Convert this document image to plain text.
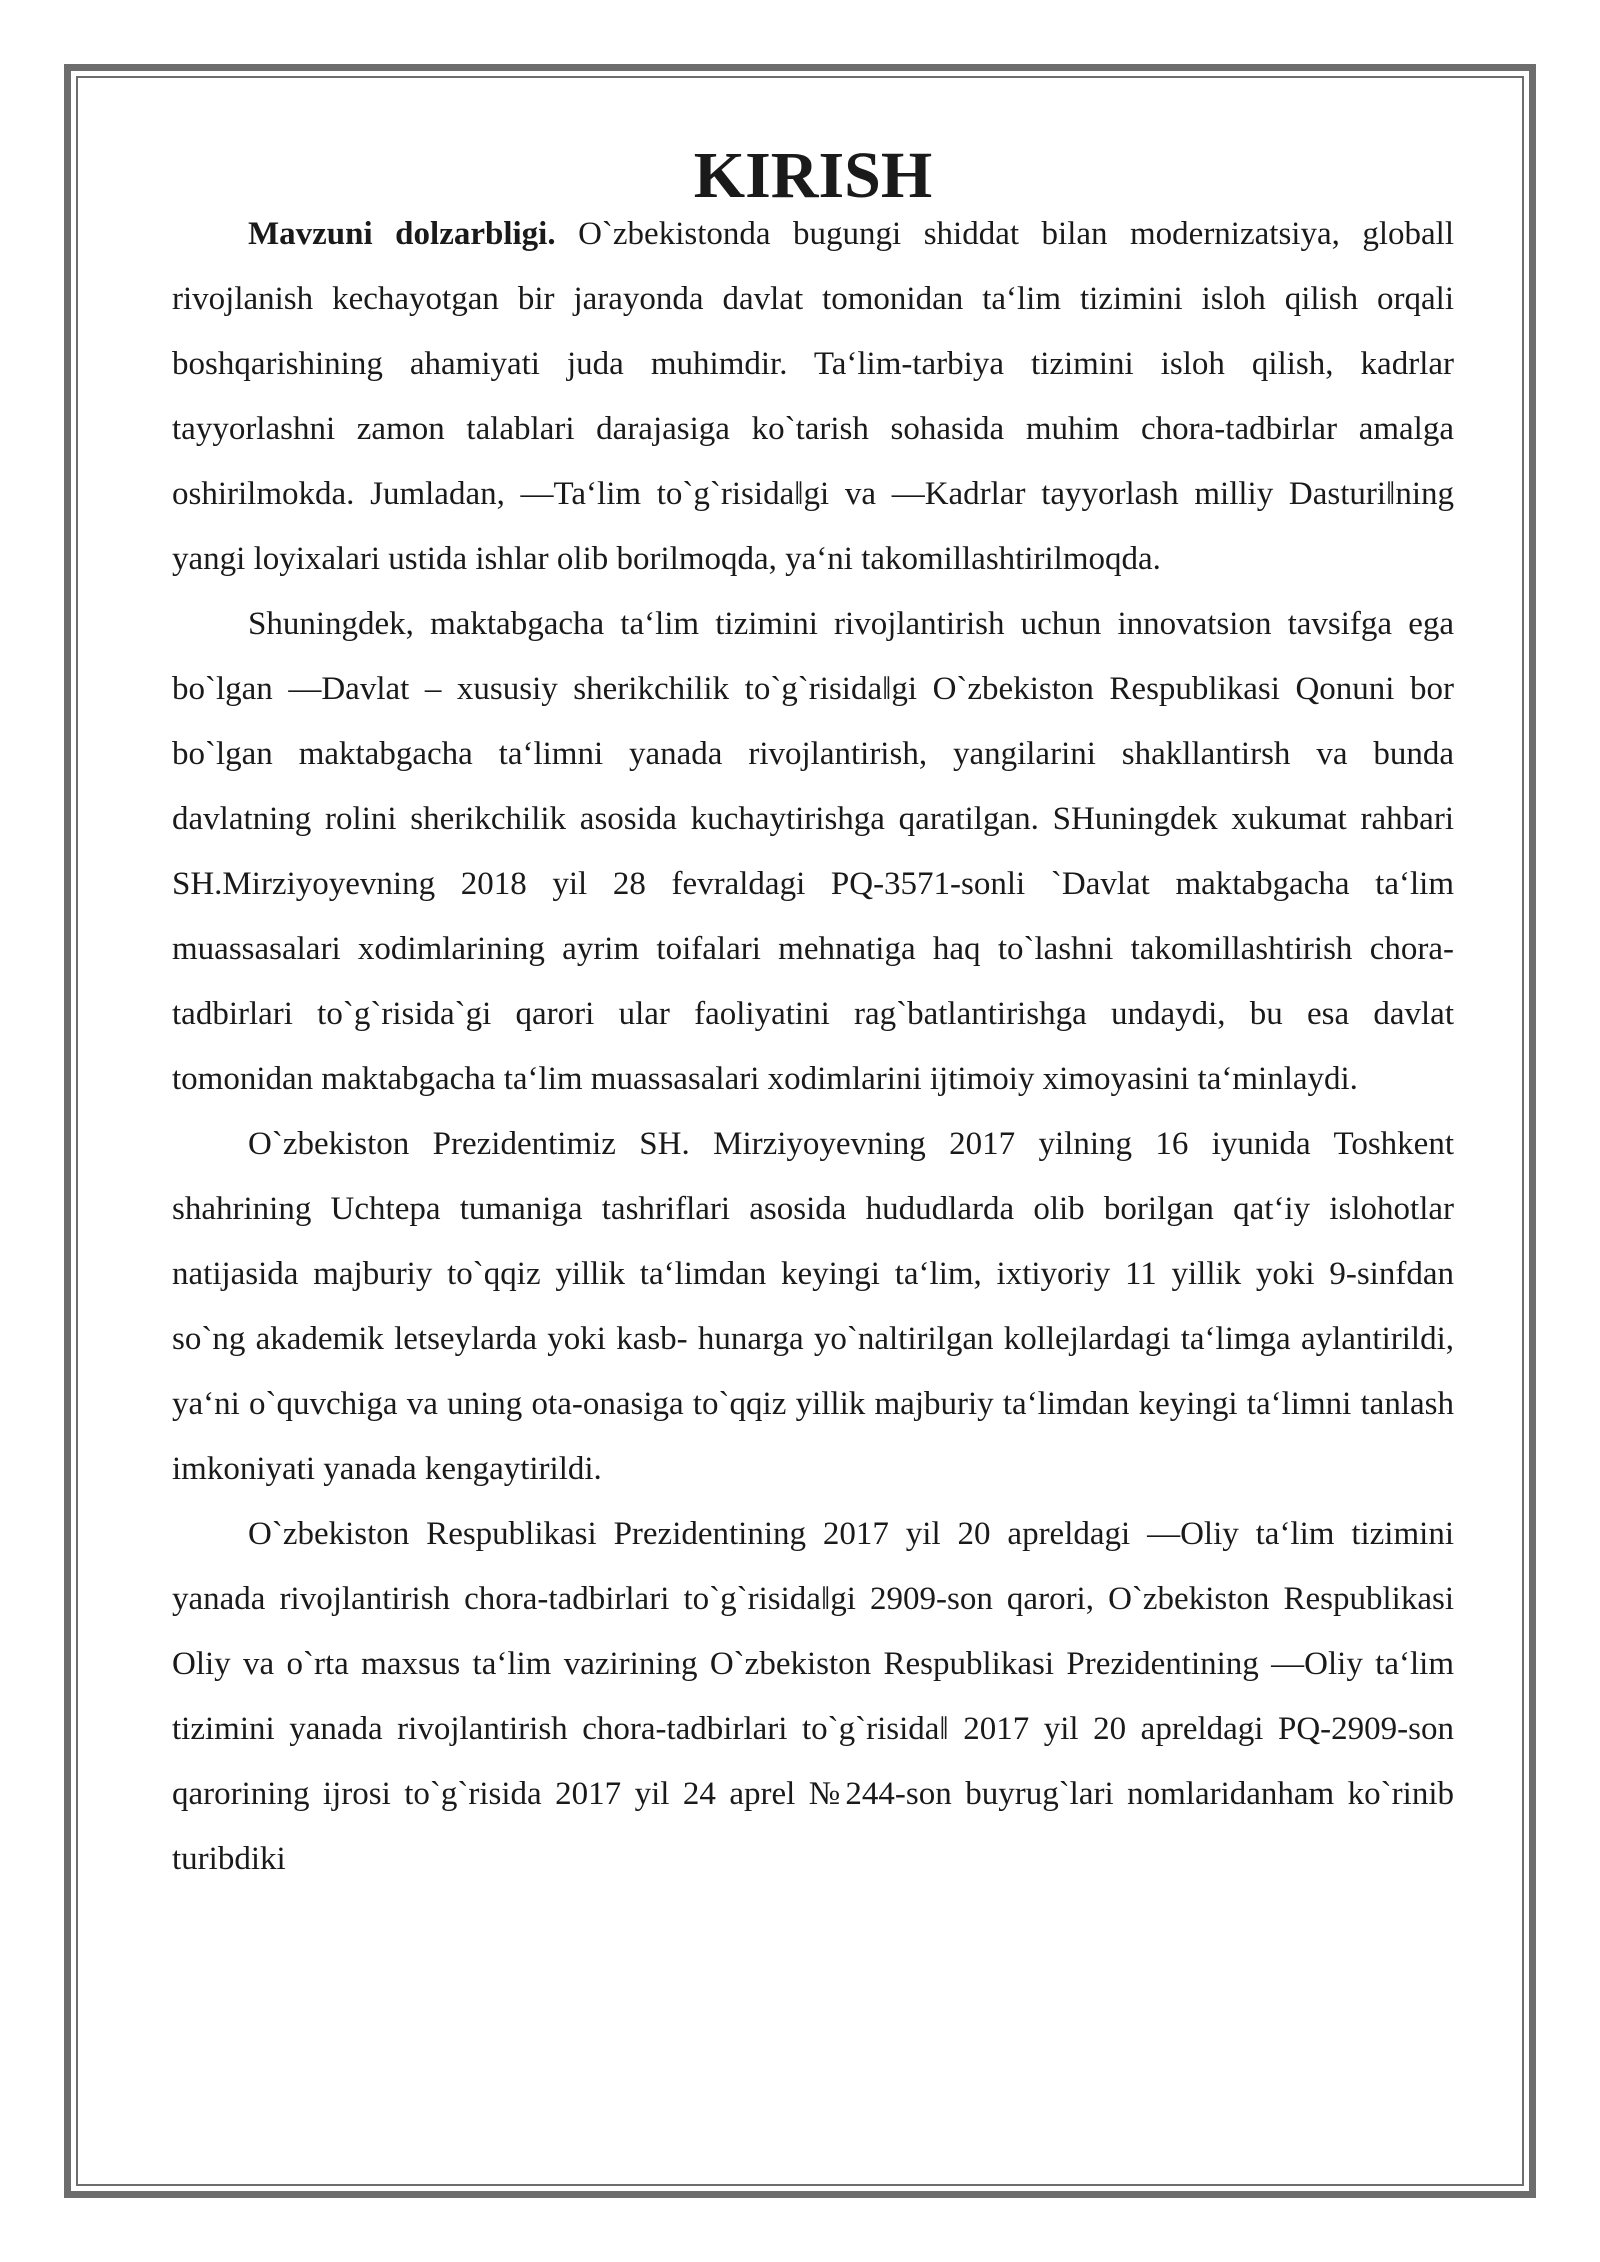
KIRISH

Mavzuni dolzarbligi. O`zbekistonda bugungi shiddat bilan modernizatsiya, globall rivojlanish kechayotgan bir jarayonda davlat tomonidan ta‘lim tizimini isloh qilish orqali boshqarishining ahamiyati juda muhimdir. Ta‘lim-tarbiya tizimini isloh qilish, kadrlar tayyorlashni zamon talablari darajasiga ko`tarish sohasida muhim chora-tadbirlar amalga oshirilmokda. Jumladan, ―Ta‘lim to`g`risida‖gi va ―Kadrlar tayyorlash milliy Dasturi‖ning yangi loyixalari ustida ishlar olib borilmoqda, ya‘ni takomillashtirilmoqda.

Shuningdek, maktabgacha ta‘lim tizimini rivojlantirish uchun innovatsion tavsifga ega bo`lgan ―Davlat – xususiy sherikchilik to`g`risida‖gi O`zbekiston Respublikasi Qonuni bor bo`lgan maktabgacha ta‘limni yanada rivojlantirish, yangilarini shakllantirsh va bunda davlatning rolini sherikchilik asosida kuchaytirishga qaratilgan. SHuningdek xukumat rahbari SH.Mirziyoyevning 2018 yil 28 fevraldagi PQ-3571-sonli `Davlat maktabgacha ta‘lim muassasalari xodimlarining ayrim toifalari mehnatiga haq to`lashni takomillashtirish chora-tadbirlari to`g`risida`gi qarori ular faoliyatini rag`batlantirishga undaydi, bu esa davlat tomonidan maktabgacha ta‘lim muassasalari xodimlarini ijtimoiy ximoyasini ta‘minlaydi.

O`zbekiston Prezidentimiz SH. Mirziyoyevning 2017 yilning 16 iyunida Toshkent shahrining Uchtepa tumaniga tashriflari asosida hududlarda olib borilgan qat‘iy islohotlar natijasida majburiy to`qqiz yillik ta‘limdan keyingi ta‘lim, ixtiyoriy 11 yillik yoki 9-sinfdan so`ng akademik letseylarda yoki kasb- hunarga yo`naltirilgan kollejlardagi ta‘limga aylantirildi, ya‘ni o`quvchiga va uning ota-onasiga to`qqiz yillik majburiy ta‘limdan keyingi ta‘limni tanlash imkoniyati yanada kengaytirildi.

O`zbekiston Respublikasi Prezidentining 2017 yil 20 apreldagi ―Oliy ta‘lim tizimini yanada rivojlantirish chora-tadbirlari to`g`risida‖gi 2909-son qarori, O`zbekiston Respublikasi Oliy va o`rta maxsus ta‘lim vazirining O`zbekiston Respublikasi Prezidentining ―Oliy ta‘lim tizimini yanada rivojlantirish chora-tadbirlari to`g`risida‖ 2017 yil 20 apreldagi PQ-2909-son qarorining ijrosi to`g`risida 2017 yil 24 aprel №244-son buyrug`lari nomlaridanham ko`rinib turibdiki
